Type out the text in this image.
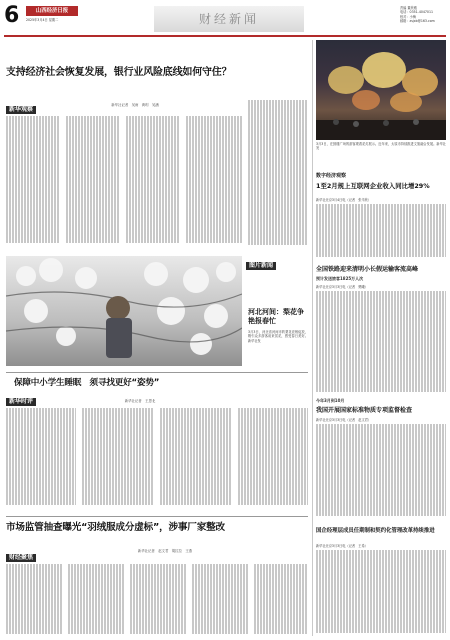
6	山西经济日报
2025年3月4日 星期二	财经新闻
责编 董欣雅
电话：0351-4047011
校对：小梅
邮箱：zsjxb@163.com
支持经济社会恢复发展，银行业风险底线如何守住？
新华社记者　吴雨　黄玥　吴涵
新华观察
3月3日，在鼓楼广场的游客观看花灯展示。近年来，太原市持续推进文旅融合发展。新华社发
数字经济观察
1至2月规上互联网企业收入同比增29%
新华社北京3月4日电（记者　张辛欣）
全国铁路迎来清明小长假运输客流高峰
预计发送旅客1825万人次
新华社北京3月3日电（记者　樊曦）
今年3月到10月
我国开展国家标准物质专项监督检查
新华社北京3月3日电（记者　赵文君）
国企经理层成员任期制和契约化管理改革持续推进
新华社北京3月3日电（记者　王希）
图片新闻
河北河间：梨花争艳报春忙
3月3日，河北省河间市的梨花竞相绽放，吸引众多游客前来赏花，感受春日美好。新华社发
保障中小学生睡眠　须寻找更好“姿势”
新华时评	新华社记者　王思北
市场监管抽查曝光“羽绒服成分虚标”，涉事厂家整改
新华社记者　赵文君　胡拉拉　王燕
财经聚焦
